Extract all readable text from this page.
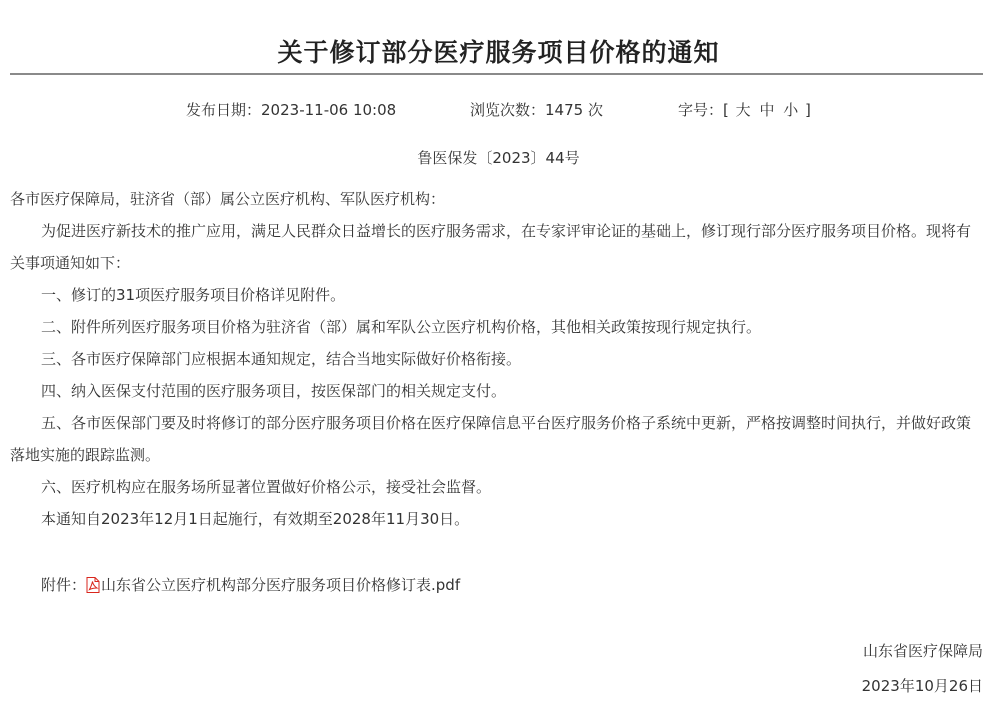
关于修订部分医疗服务项目价格的通知
发布日期：2023-11-06 10:08	浏览次数：1475 次	字号：[ 大 中 小 ]
鲁医保发〔2023〕44号

各市医疗保障局，驻济省（部）属公立医疗机构、军队医疗机构：

为促进医疗新技术的推广应用，满足人民群众日益增长的医疗服务需求，在专家评审论证的基础上，修订现行部分医疗服务项目价格。现将有关事项通知如下：

一、修订的31项医疗服务项目价格详见附件。

二、附件所列医疗服务项目价格为驻济省（部）属和军队公立医疗机构价格，其他相关政策按现行规定执行。

三、各市医疗保障部门应根据本通知规定，结合当地实际做好价格衔接。

四、纳入医保支付范围的医疗服务项目，按医保部门的相关规定支付。

五、各市医保部门要及时将修订的部分医疗服务项目价格在医疗保障信息平台医疗服务价格子系统中更新，严格按调整时间执行，并做好政策落地实施的跟踪监测。

六、医疗机构应在服务场所显著位置做好价格公示，接受社会监督。

本通知自2023年12月1日起施行，有效期至2028年11月30日。

附件： 山东省公立医疗机构部分医疗服务项目价格修订表.pdf
山东省医疗保障局
2023年10月26日
